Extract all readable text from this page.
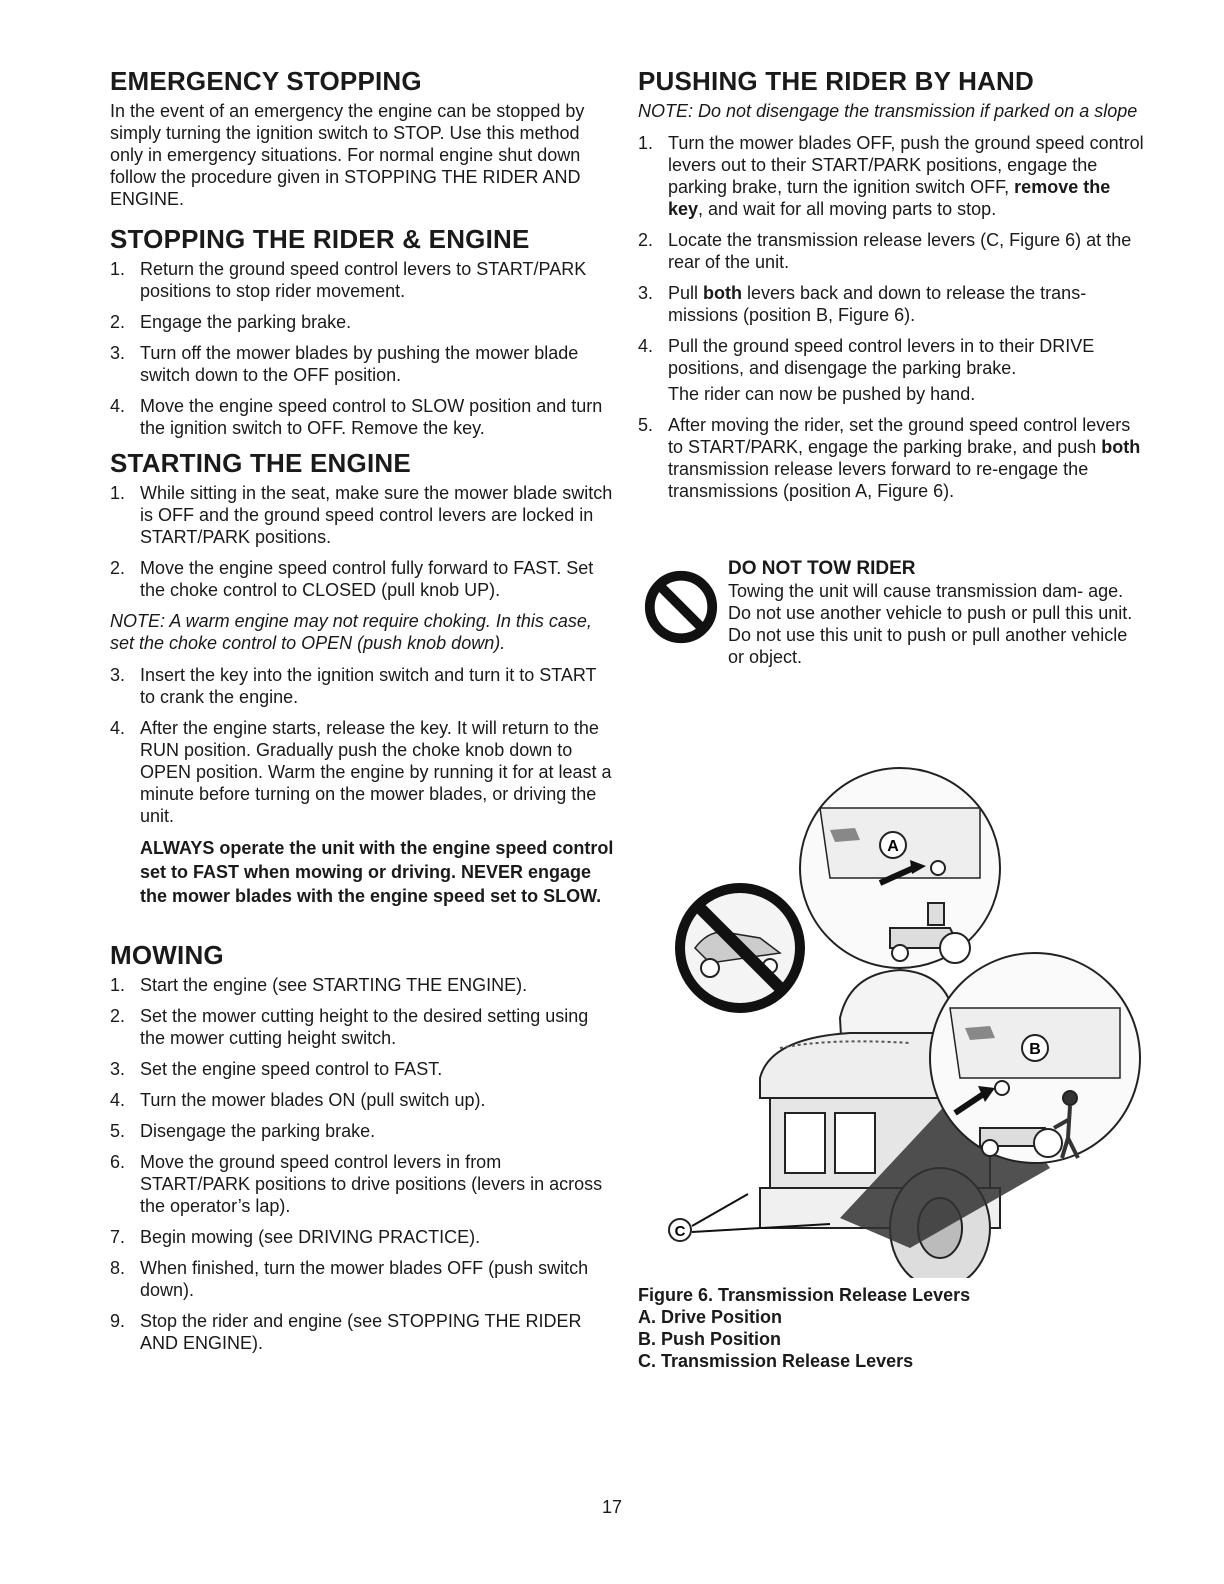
EMERGENCY STOPPING

In the event of an emergency the engine can be stopped by simply turning the ignition switch to STOP. Use this method only in emergency situations. For normal engine shut down follow the procedure given in STOPPING THE RIDER AND ENGINE.

STOPPING THE RIDER & ENGINE
1. Return the ground speed control levers to START/PARK positions to stop rider movement.
2. Engage the parking brake.
3. Turn off the mower blades by pushing the mower blade switch down to the OFF position.
4. Move the engine speed control to SLOW position and turn the ignition switch to OFF. Remove the key.
STARTING THE ENGINE
1. While sitting in the seat, make sure the mower blade switch is OFF and the ground speed control levers are locked in START/PARK positions.
2. Move the engine speed control fully forward to FAST. Set the choke control to CLOSED (pull knob UP).

NOTE: A warm engine may not require choking. In this case, set the choke control to OPEN (push knob down).

3. Insert the key into the ignition switch and turn it to START to crank the engine.
4. After the engine starts, release the key. It will return to the RUN position. Gradually push the choke knob down to OPEN position. Warm the engine by running it for at least a minute before turning on the mower blades, or driving the unit.
ALWAYS operate the unit with the engine speed control set to FAST when mowing or driving. NEVER engage the mower blades with the engine speed set to SLOW.
MOWING
1. Start the engine (see STARTING THE ENGINE).
2. Set the mower cutting height to the desired setting using the mower cutting height switch.
3. Set the engine speed control to FAST.
4. Turn the mower blades ON (pull switch up).
5. Disengage the parking brake.
6. Move the ground speed control levers in from START/PARK positions to drive positions (levers in across the operator’s lap).
7. Begin mowing (see DRIVING PRACTICE).
8. When finished, turn the mower blades OFF (push switch down).
9. Stop the rider and engine (see STOPPING THE RIDER AND ENGINE).
PUSHING THE RIDER BY HAND

NOTE: Do not disengage the transmission if parked on a slope

1. Turn the mower blades OFF, push the ground speed control levers out to their START/PARK positions, engage the parking brake, turn the ignition switch OFF, remove the key, and wait for all moving parts to stop.
2. Locate the transmission release levers (C, Figure 6) at the rear of the unit.
3. Pull both levers back and down to release the trans- missions (position B, Figure 6).
4. Pull the ground speed control levers in to their DRIVE positions, and disengage the parking brake.
The rider can now be pushed by hand.
5. After moving the rider, set the ground speed control levers to START/PARK, engage the parking brake, and push both transmission release levers forward to re-engage the transmissions (position A, Figure 6).
DO NOT TOW RIDER

Towing the unit will cause transmission dam- age. Do not use another vehicle to push or pull this unit. Do not use this unit to push or pull another vehicle or object.

A
B
C
Figure 6. Transmission Release Levers
A. Drive Position
B. Push Position
C. Transmission Release Levers
17
